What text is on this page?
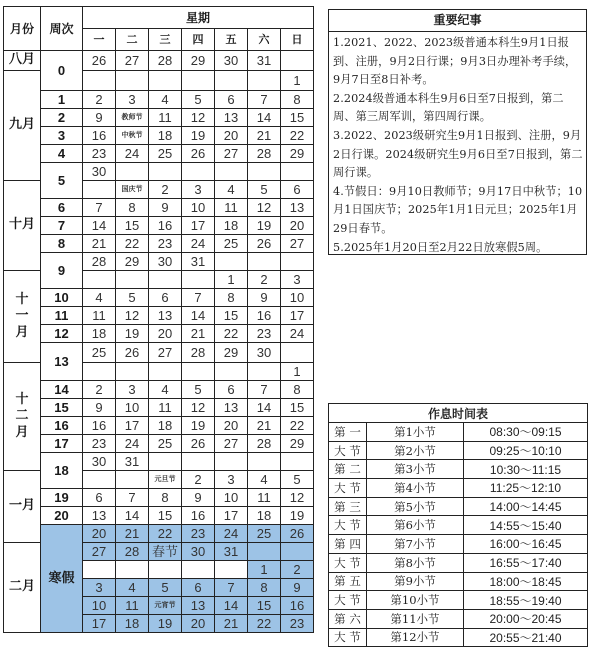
月份	周次	星期						
		一	二	三	四	五	六	日
八月	0	26	27	28	29	30	31	
九月								1
	1	2	3	4	5	6	7	8
	2	9	教师节	11	12	13	14	15
	3	16	中秋节	18	19	20	21	22
	4	23	24	25	26	27	28	29
	5	30						
十月			国庆节	2	3	4	5	6
	6	7	8	9	10	11	12	13
	7	14	15	16	17	18	19	20
	8	21	22	23	24	25	26	27
	9	28	29	30	31			
十一月						1	2	3
	10	4	5	6	7	8	9	10
	11	11	12	13	14	15	16	17
	12	18	19	20	21	22	23	24
	13	25	26	27	28	29	30	
十二月								1
	14	2	3	4	5	6	7	8
	15	9	10	11	12	13	14	15
	16	16	17	18	19	20	21	22
	17	23	24	25	26	27	28	29
	18	30	31					
一月				元旦节	2	3	4	5
	19	6	7	8	9	10	11	12
	20	13	14	15	16	17	18	19
	寒假	20	21	22	23	24	25	26
二月		27	28	春节	30	31		
							1	2
		3	4	5	6	7	8	9
		10	11	元宵节	13	14	15	16
		17	18	19	20	21	22	23
重要纪事
1.2021、2022、2023级普通本科生9月1日报到、注册，9月2日行课；9月3日办理补考手续，9月7日至8日补考。
2.2024级普通本科生9月6日至7日报到，第二周、第三周军训，第四周行课。
3.2022、2023级研究生9月1日报到、注册，9月2日行课。2024级研究生9月6日至7日报到，第二周行课。
4.节假日：9月10日教师节；9月17日中秋节；10月1日国庆节；2025年1月1日元旦；2025年1月29日春节。
5.2025年1月20日至2月22日放寒假5周。
作息时间表		
第 一	第1小节	08:30～09:15
大 节	第2小节	09:25～10:10
第 二	第3小节	10:30～11:15
大 节	第4小节	11:25～12:10
第 三	第5小节	14:00～14:45
大 节	第6小节	14:55～15:40
第 四	第7小节	16:00～16:45
大 节	第8小节	16:55～17:40
第 五	第9小节	18:00～18:45
大 节	第10小节	18:55～19:40
第 六	第11小节	20:00～20:45
大 节	第12小节	20:55～21:40
